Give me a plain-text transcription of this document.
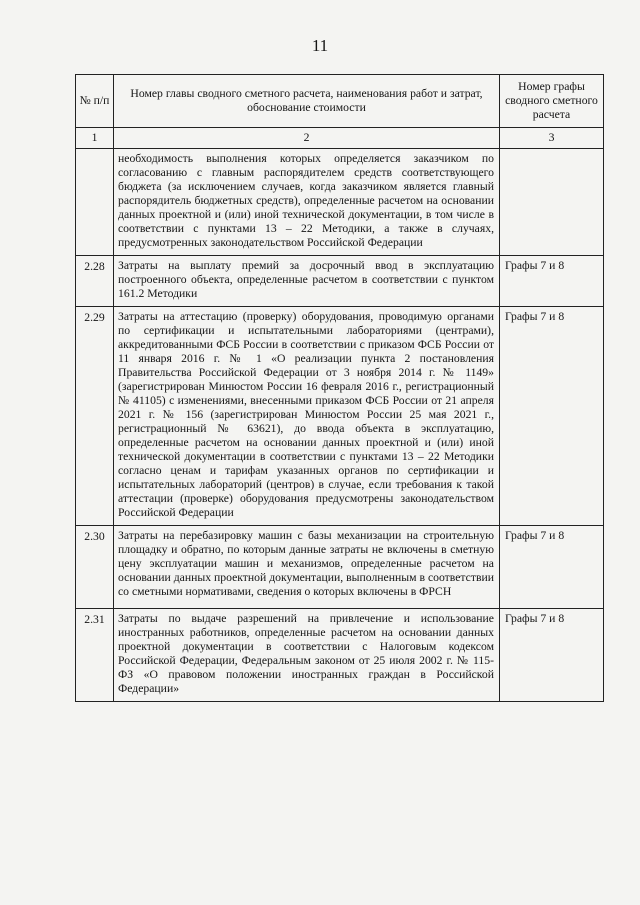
11
№ п/п	Номер главы сводного сметного расчета, наименования работ и затрат, обоснование стоимости	Номер графы сводного сметного расчета
1	2	3
	необходимость выполнения которых определяется заказчиком по согласованию с главным распорядителем средств соответствующего бюджета (за исключением случаев, когда заказчиком является главный распорядитель бюджетных средств), определенные расчетом на основании данных проектной и (или) иной технической документации, в том числе в соответствии с пунктами 13 – 22 Методики, а также в случаях, предусмотренных законодательством Российской Федерации	
2.28	Затраты на выплату премий за досрочный ввод в эксплуатацию построенного объекта, определенные расчетом в соответствии с пунктом 161.2 Методики	Графы 7 и 8
2.29	Затраты на аттестацию (проверку) оборудования, проводимую органами по сертификации и испытательными лабораториями (центрами), аккредитованными ФСБ России в соответствии с приказом ФСБ России от 11 января 2016 г. № 1 «О реализации пункта 2 постановления Правительства Российской Федерации от 3 ноября 2014 г. № 1149» (зарегистрирован Минюстом России 16 февраля 2016 г., регистрационный № 41105) с изменениями, внесенными приказом ФСБ России от 21 апреля 2021 г. № 156 (зарегистрирован Минюстом России 25 мая 2021 г., регистрационный № 63621), до ввода объекта в эксплуатацию, определенные расчетом на основании данных проектной и (или) иной технической документации в соответствии с пунктами 13 – 22 Методики согласно ценам и тарифам указанных органов по сертификации и испытательных лабораторий (центров) в случае, если требования к такой аттестации (проверке) оборудования предусмотрены законодательством Российской Федерации	Графы 7 и 8
2.30	Затраты на перебазировку машин с базы механизации на строительную площадку и обратно, по которым данные затраты не включены в сметную цену эксплуатации машин и механизмов, определенные расчетом на основании данных проектной документации, выполненным в соответствии со сметными нормативами, сведения о которых включены в ФРСН	Графы 7 и 8
2.31	Затраты по выдаче разрешений на привлечение и использование иностранных работников, определенные расчетом на основании данных проектной документации в соответствии с Налоговым кодексом Российской Федерации, Федеральным законом от 25 июля 2002 г. № 115-ФЗ «О правовом положении иностранных граждан в Российской Федерации»	Графы 7 и 8
